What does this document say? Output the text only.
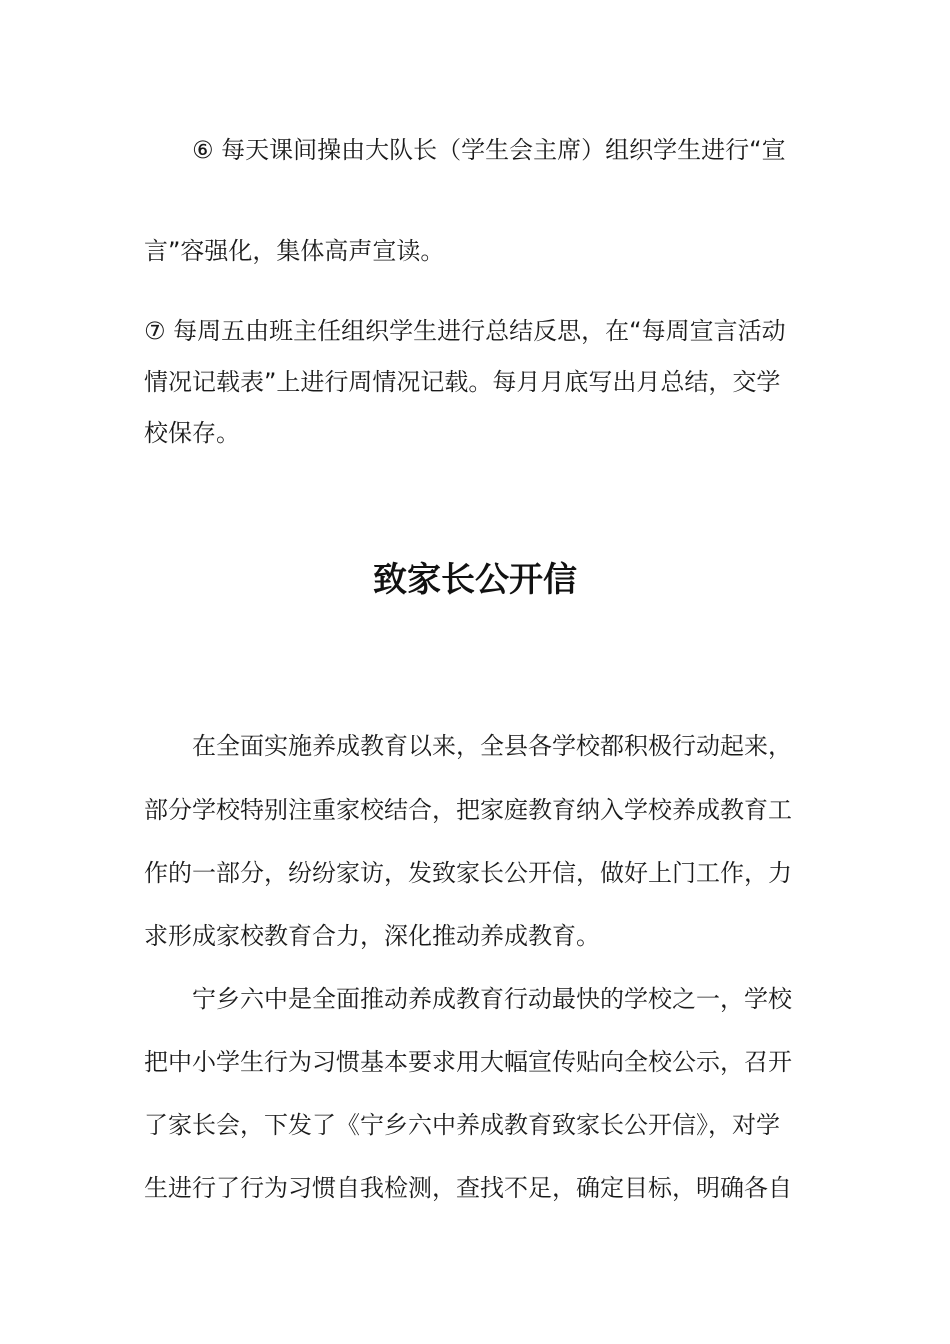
⑥ 每天课间操由大队长（学生会主席）组织学生进行“宣
言”容强化，集体高声宣读。
⑦ 每周五由班主任组织学生进行总结反思，在“每周宣言活动
情况记载表”上进行周情况记载。每月月底写出月总结，交学
校保存。
致家长公开信
在全面实施养成教育以来，全县各学校都积极行动起来，
部分学校特别注重家校结合，把家庭教育纳入学校养成教育工
作的一部分，纷纷家访，发致家长公开信，做好上门工作，力
求形成家校教育合力，深化推动养成教育。
宁乡六中是全面推动养成教育行动最快的学校之一，学校
把中小学生行为习惯基本要求用大幅宣传贴向全校公示，召开
了家长会，下发了《宁乡六中养成教育致家长公开信》，对学
生进行了行为习惯自我检测，查找不足，确定目标，明确各自
